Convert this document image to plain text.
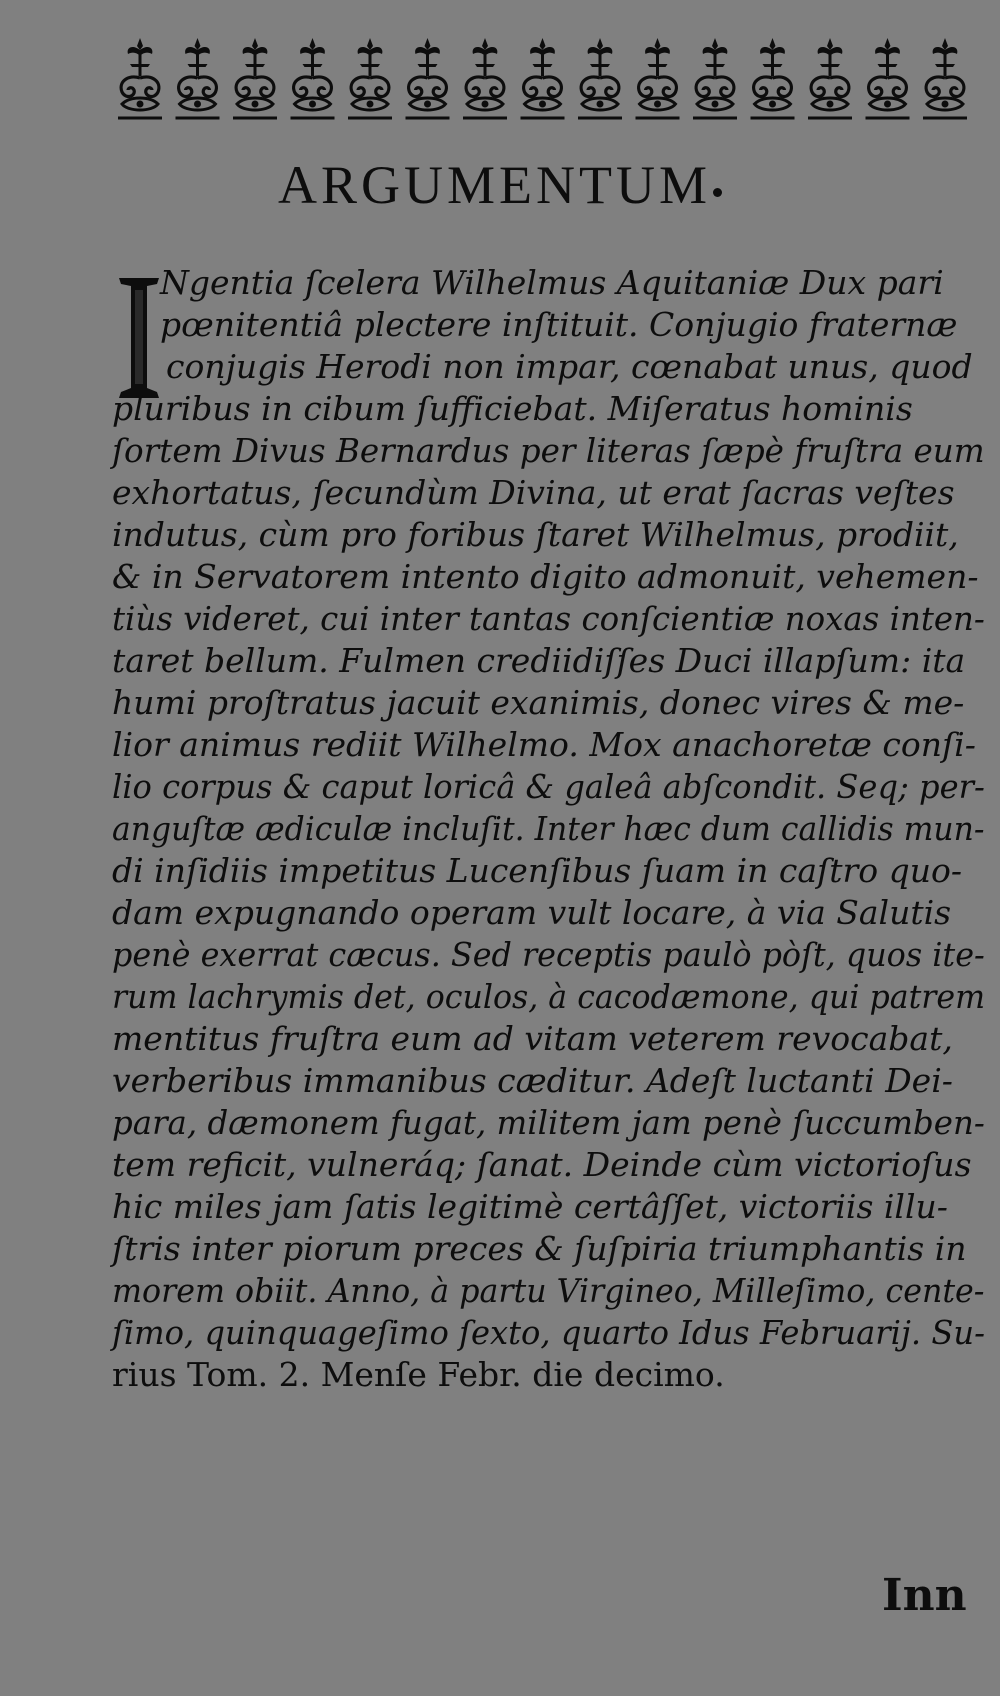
ARGUMENTUM
Ngentia ſcelera Wilhelmus Aquitaniæ Dux pari
pœnitentiâ plectere inſtituit. Conjugio fraternæ
conjugis Herodi non impar, cœnabat unus, quod
pluribus in cibum ſufficiebat. Miſeratus hominis
ſortem Divus Bernardus per literas ſæpè fruſtra eum
exhortatus, ſecundùm Divina, ut erat ſacras veſtes
indutus, cùm pro foribus ſtaret Wilhelmus, prodiit,
& in Servatorem intento digito admonuit, vehemen-
tiùs videret, cui inter tantas conſcientiæ noxas inten-
taret bellum. Fulmen crediidiſſes Duci illapſum: ita
humi proſtratus jacuit exanimis, donec vires & me-
lior animus rediit Wilhelmo. Mox anachoretæ conſi-
lio corpus & caput loricâ & galeâ abſcondit. Seq; per-
anguſtæ ædiculæ incluſit. Inter hæc dum callidis mun-
di inſidiis impetitus Lucenſibus ſuam in caſtro quo-
dam expugnando operam vult locare, à via Salutis
penè exerrat cæcus. Sed receptis paulò pòſt, quos ite-
rum lachrymis det, oculos, à cacodæmone, qui patrem
mentitus fruſtra eum ad vitam veterem revocabat,
verberibus immanibus cæditur. Adeſt luctanti Dei-
para, dæmonem fugat, militem jam penè ſuccumben-
tem reficit, vulneráq; ſanat. Deinde cùm victorioſus
hic miles jam ſatis legitimè certâſſet, victoriis illu-
ſtris inter piorum preces & ſuſpiria triumphantis in
morem obiit. Anno, à partu Virgineo, Milleſimo, cente-
ſimo, quinquageſimo ſexto, quarto Idus Februarij. Su-
rius Tom. 2. Menſe Febr. die decimo.
Inn
